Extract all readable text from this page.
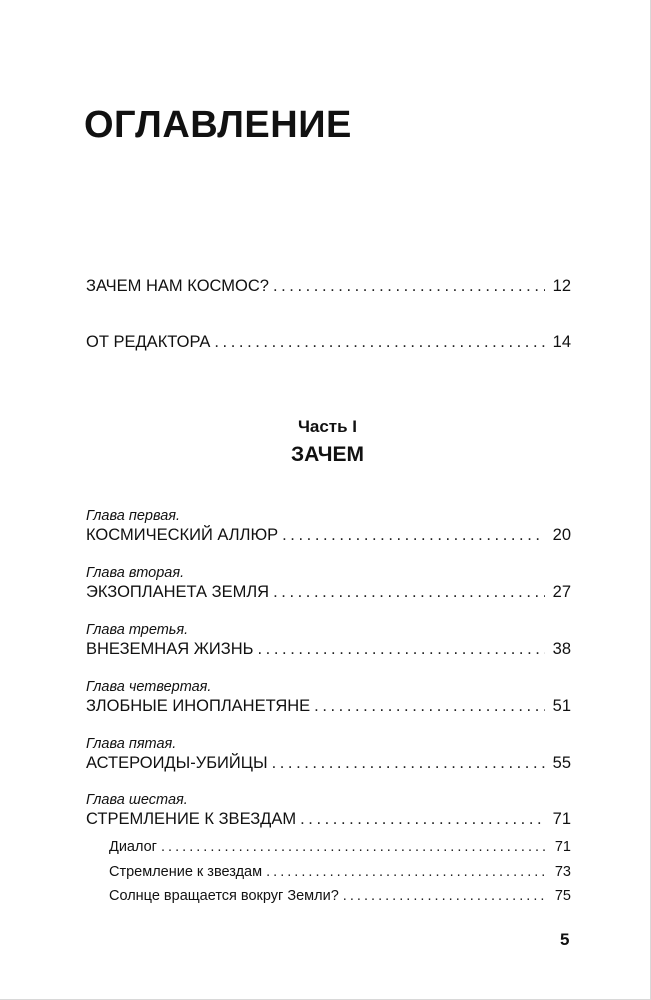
ОГЛАВЛЕНИЕ
ЗАЧЕМ НАМ КОСМОС? . . .	12
ОТ РЕДАКТОРА . . .	14
Часть I
ЗАЧЕМ
Глава первая.
КОСМИЧЕСКИЙ АЛЛЮР . . .	20
Глава вторая.
ЭКЗОПЛАНЕТА ЗЕМЛЯ . . .	27
Глава третья.
ВНЕЗЕМНАЯ ЖИЗНЬ . . .	38
Глава четвертая.
ЗЛОБНЫЕ ИНОПЛАНЕТЯНЕ . . .	51
Глава пятая.
АСТЕРОИДЫ-УБИЙЦЫ . . .	55
Глава шестая.
СТРЕМЛЕНИЕ К ЗВЕЗДАМ . . .	71
Диалог . . .	71
Стремление к звездам . . .	73
Солнце вращается вокруг Земли? . . .	75
5
